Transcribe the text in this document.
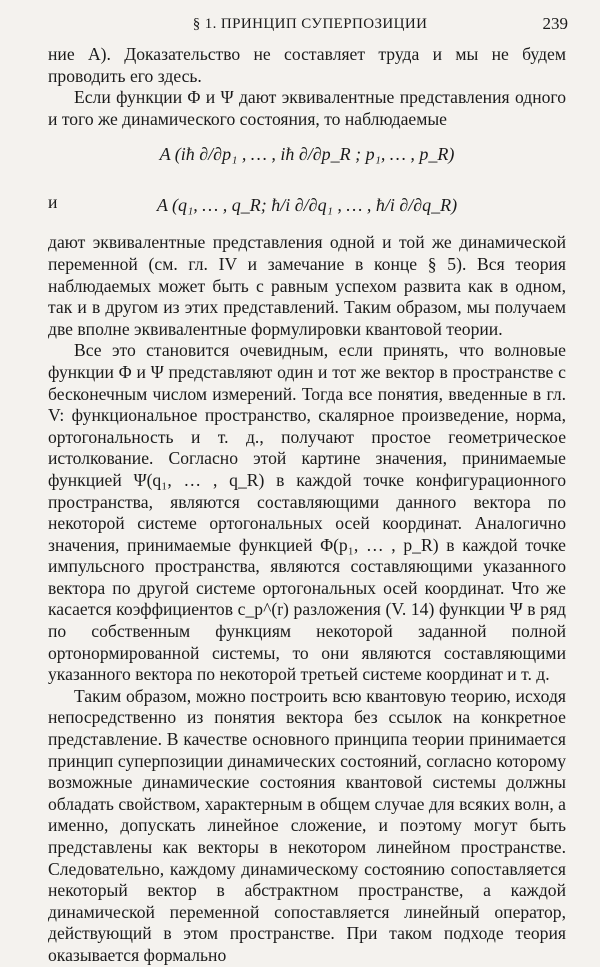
§ 1. ПРИНЦИП СУПЕРПОЗИЦИИ	239

ние А). Доказательство не составляет труда и мы не будем проводить его здесь.

Если функции Φ и Ψ дают эквивалентные представления одного и того же динамического состояния, то наблюдаемые

A (iħ ∂/∂p₁ , … , iħ ∂/∂p_R ; p₁, … , p_R)
и	A (q₁, … , q_R; ħ/i ∂/∂q₁ , … , ħ/i ∂/∂q_R)

дают эквивалентные представления одной и той же динамической переменной (см. гл. IV и замечание в конце § 5). Вся теория наблюдаемых может быть с равным успехом развита как в одном, так и в другом из этих представлений. Таким образом, мы получаем две вполне эквивалентные формулировки квантовой теории.

Все это становится очевидным, если принять, что волновые функции Φ и Ψ представляют один и тот же вектор в пространстве с бесконечным числом измерений. Тогда все понятия, введенные в гл. V: функциональное пространство, скалярное произведение, норма, ортогональность и т. д., получают простое геометрическое истолкование. Согласно этой картине значения, принимаемые функцией Ψ(q₁, … , q_R) в каждой точке конфигурационного пространства, являются составляющими данного вектора по некоторой системе ортогональных осей координат. Аналогично значения, принимаемые функцией Φ(p₁, … , p_R) в каждой точке импульсного пространства, являются составляющими указанного вектора по другой системе ортогональных осей координат. Что же касается коэффициентов c_p^(r) разложения (V. 14) функции Ψ в ряд по собственным функциям некоторой заданной полной ортонормированной системы, то они являются составляющими указанного вектора по некоторой третьей системе координат и т. д.

Таким образом, можно построить всю квантовую теорию, исходя непосредственно из понятия вектора без ссылок на конкретное представление. В качестве основного принципа теории принимается принцип суперпозиции динамических состояний, согласно которому возможные динамические состояния квантовой системы должны обладать свойством, характерным в общем случае для всяких волн, а именно, допускать линейное сложение, и поэтому могут быть представлены как векторы в некотором линейном пространстве. Следовательно, каждому динамическому состоянию сопоставляется некоторый вектор в абстрактном пространстве, а каждой динамической переменной сопоставляется линейный оператор, действующий в этом пространстве. При таком подходе теория оказывается формально
